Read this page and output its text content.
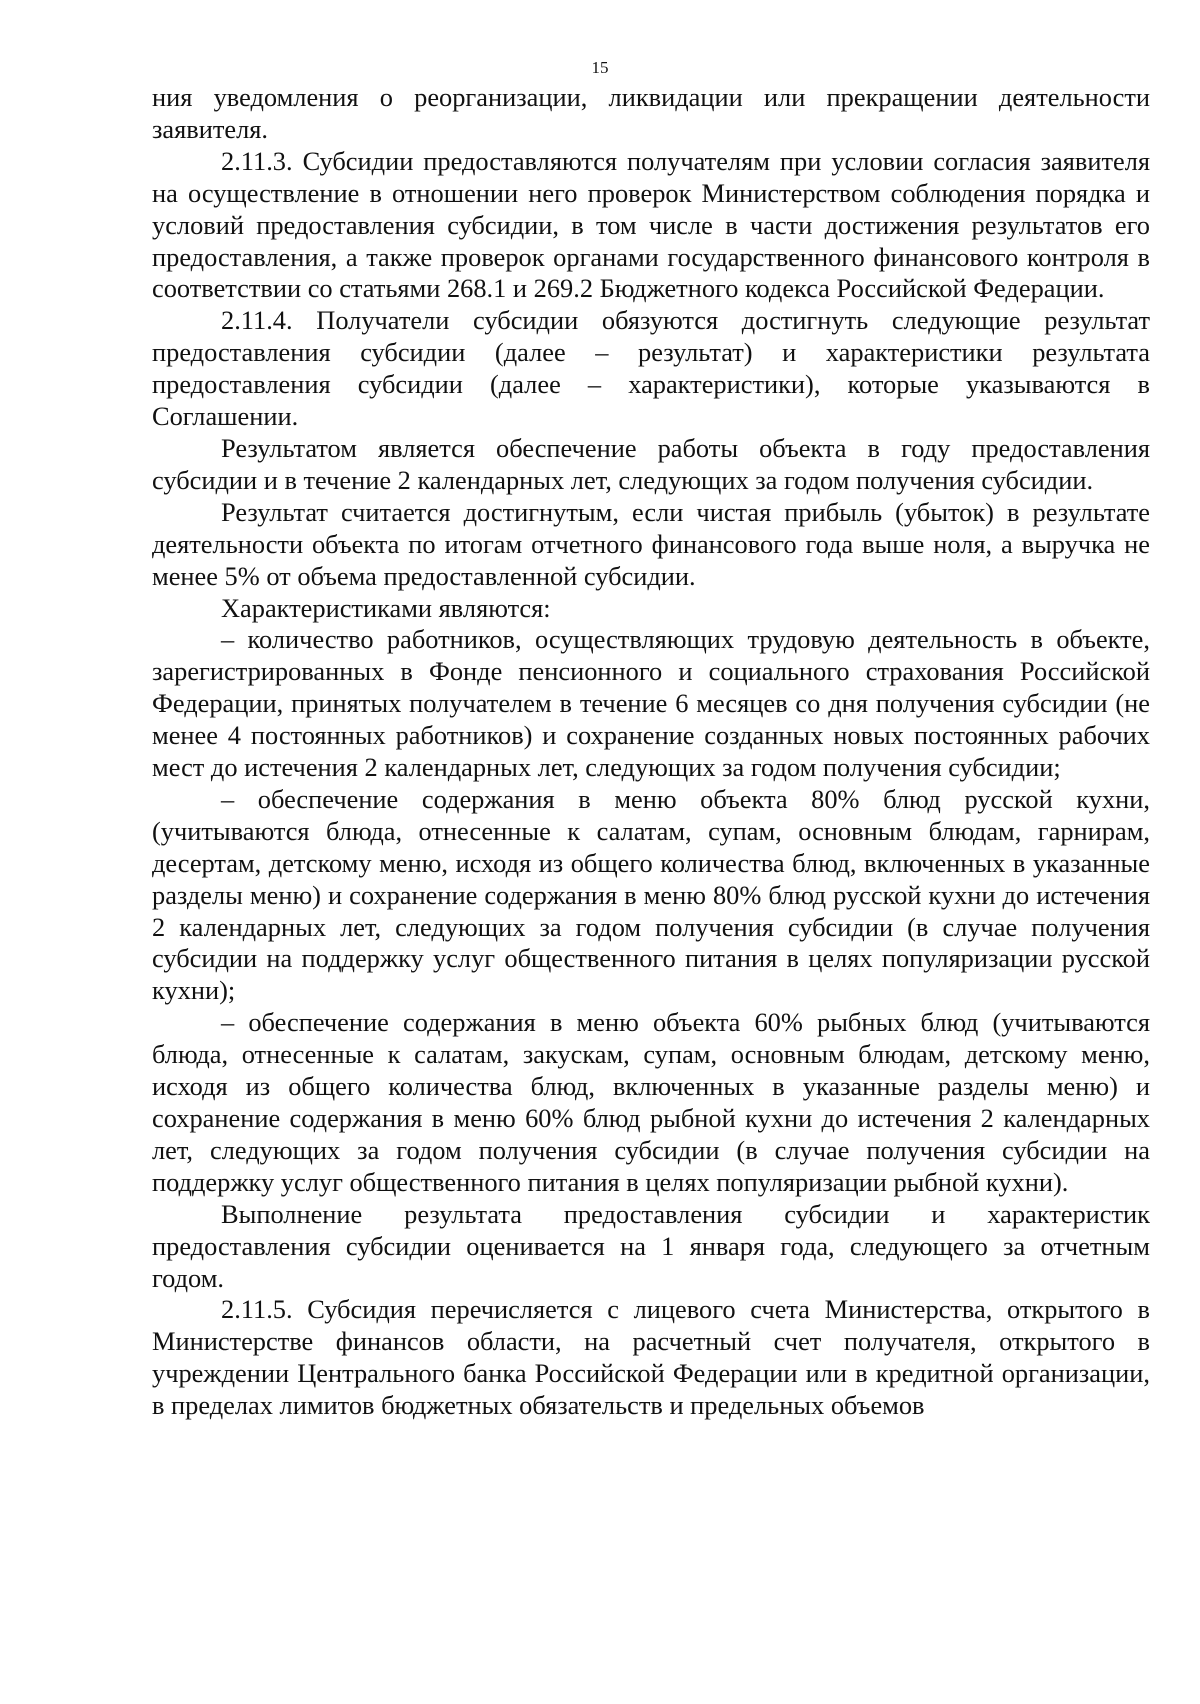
15

ния уведомления о реорганизации, ликвидации или прекращении деятельности заявителя.

2.11.3. Субсидии предоставляются получателям при условии согласия заявителя на осуществление в отношении него проверок Министерством соблюдения порядка и условий предоставления субсидии, в том числе в части достижения результатов его предоставления, а также проверок органами государственного финансового контроля в соответствии со статьями 268.1 и 269.2 Бюджетного кодекса Российской Федерации.

2.11.4. Получатели субсидии обязуются достигнуть следующие результат предоставления субсидии (далее – результат) и характеристики результата предоставления субсидии (далее – характеристики), которые указываются в Соглашении.

Результатом является обеспечение работы объекта в году предоставления субсидии и в течение 2 календарных лет, следующих за годом получения субсидии.

Результат считается достигнутым, если чистая прибыль (убыток) в результате деятельности объекта по итогам отчетного финансового года выше ноля, а выручка не менее 5% от объема предоставленной субсидии.

Характеристиками являются:

– количество работников, осуществляющих трудовую деятельность в объекте, зарегистрированных в Фонде пенсионного и социального страхования Российской Федерации, принятых получателем в течение 6 месяцев со дня получения субсидии (не менее 4 постоянных работников) и сохранение созданных новых постоянных рабочих мест до истечения 2 календарных лет, следующих за годом получения субсидии;

– обеспечение содержания в меню объекта 80% блюд русской кухни, (учитываются блюда, отнесенные к салатам, супам, основным блюдам, гарнирам, десертам, детскому меню, исходя из общего количества блюд, включенных в указанные разделы меню) и сохранение содержания в меню 80% блюд русской кухни до истечения 2 календарных лет, следующих за годом получения субсидии (в случае получения субсидии на поддержку услуг общественного питания в целях популяризации русской кухни);

– обеспечение содержания в меню объекта 60% рыбных блюд (учитываются блюда, отнесенные к салатам, закускам, супам, основным блюдам, детскому меню, исходя из общего количества блюд, включенных в указанные разделы меню) и сохранение содержания в меню 60% блюд рыбной кухни до истечения 2 календарных лет, следующих за годом получения субсидии (в случае получения субсидии на поддержку услуг общественного питания в целях популяризации рыбной кухни).

Выполнение результата предоставления субсидии и характеристик предоставления субсидии оценивается на 1 января года, следующего за отчетным годом.

2.11.5. Субсидия перечисляется с лицевого счета Министерства, открытого в Министерстве финансов области, на расчетный счет получателя, открытого в учреждении Центрального банка Российской Федерации или в кредитной организации, в пределах лимитов бюджетных обязательств и предельных объемов
